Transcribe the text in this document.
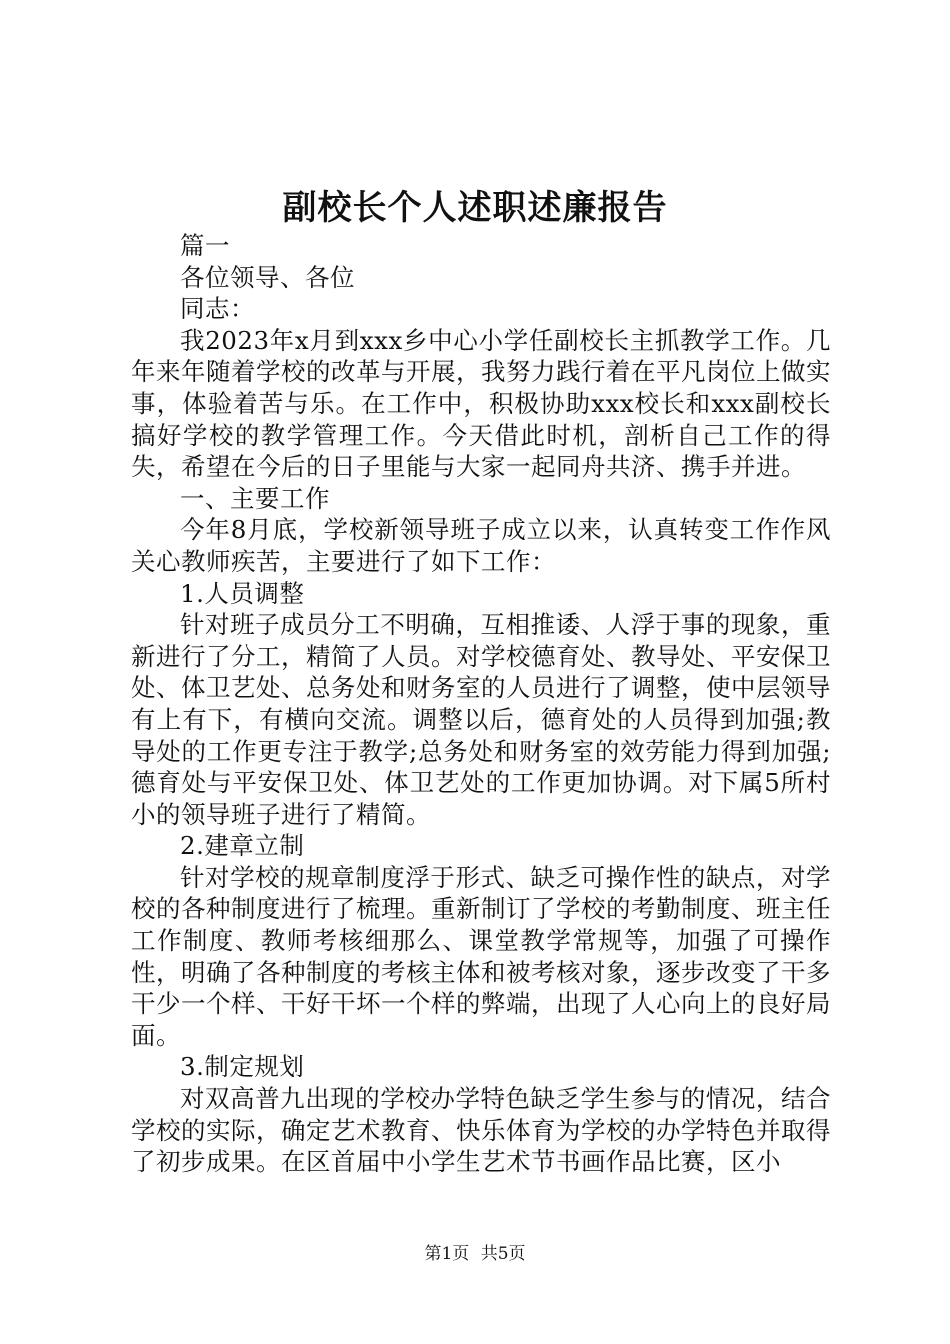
副校长个人述职述廉报告

篇一

各位领导、各位

同志：

我2023年x月到xxx乡中心小学任副校长主抓教学工作。几年来年随着学校的改革与开展，我努力践行着在平凡岗位上做实事，体验着苦与乐。在工作中，积极协助xxx校长和xxx副校长搞好学校的教学管理工作。今天借此时机，剖析自己工作的得失，希望在今后的日子里能与大家一起同舟共济、携手并进。

一、主要工作

今年8月底，学校新领导班子成立以来，认真转变工作作风关心教师疾苦，主要进行了如下工作：

1.人员调整

针对班子成员分工不明确，互相推诿、人浮于事的现象，重新进行了分工，精简了人员。对学校德育处、教导处、平安保卫处、体卫艺处、总务处和财务室的人员进行了调整，使中层领导有上有下，有横向交流。调整以后，德育处的人员得到加强;教导处的工作更专注于教学;总务处和财务室的效劳能力得到加强;德育处与平安保卫处、体卫艺处的工作更加协调。对下属5所村小的领导班子进行了精简。

2.建章立制

针对学校的规章制度浮于形式、缺乏可操作性的缺点，对学校的各种制度进行了梳理。重新制订了学校的考勤制度、班主任工作制度、教师考核细那么、课堂教学常规等，加强了可操作性，明确了各种制度的考核主体和被考核对象，逐步改变了干多干少一个样、干好干坏一个样的弊端，出现了人心向上的良好局面。

3.制定规划

对双高普九出现的学校办学特色缺乏学生参与的情况，结合学校的实际，确定艺术教育、快乐体育为学校的办学特色并取得了初步成果。在区首届中小学生艺术节书画作品比赛，区小

第1页 共5页
